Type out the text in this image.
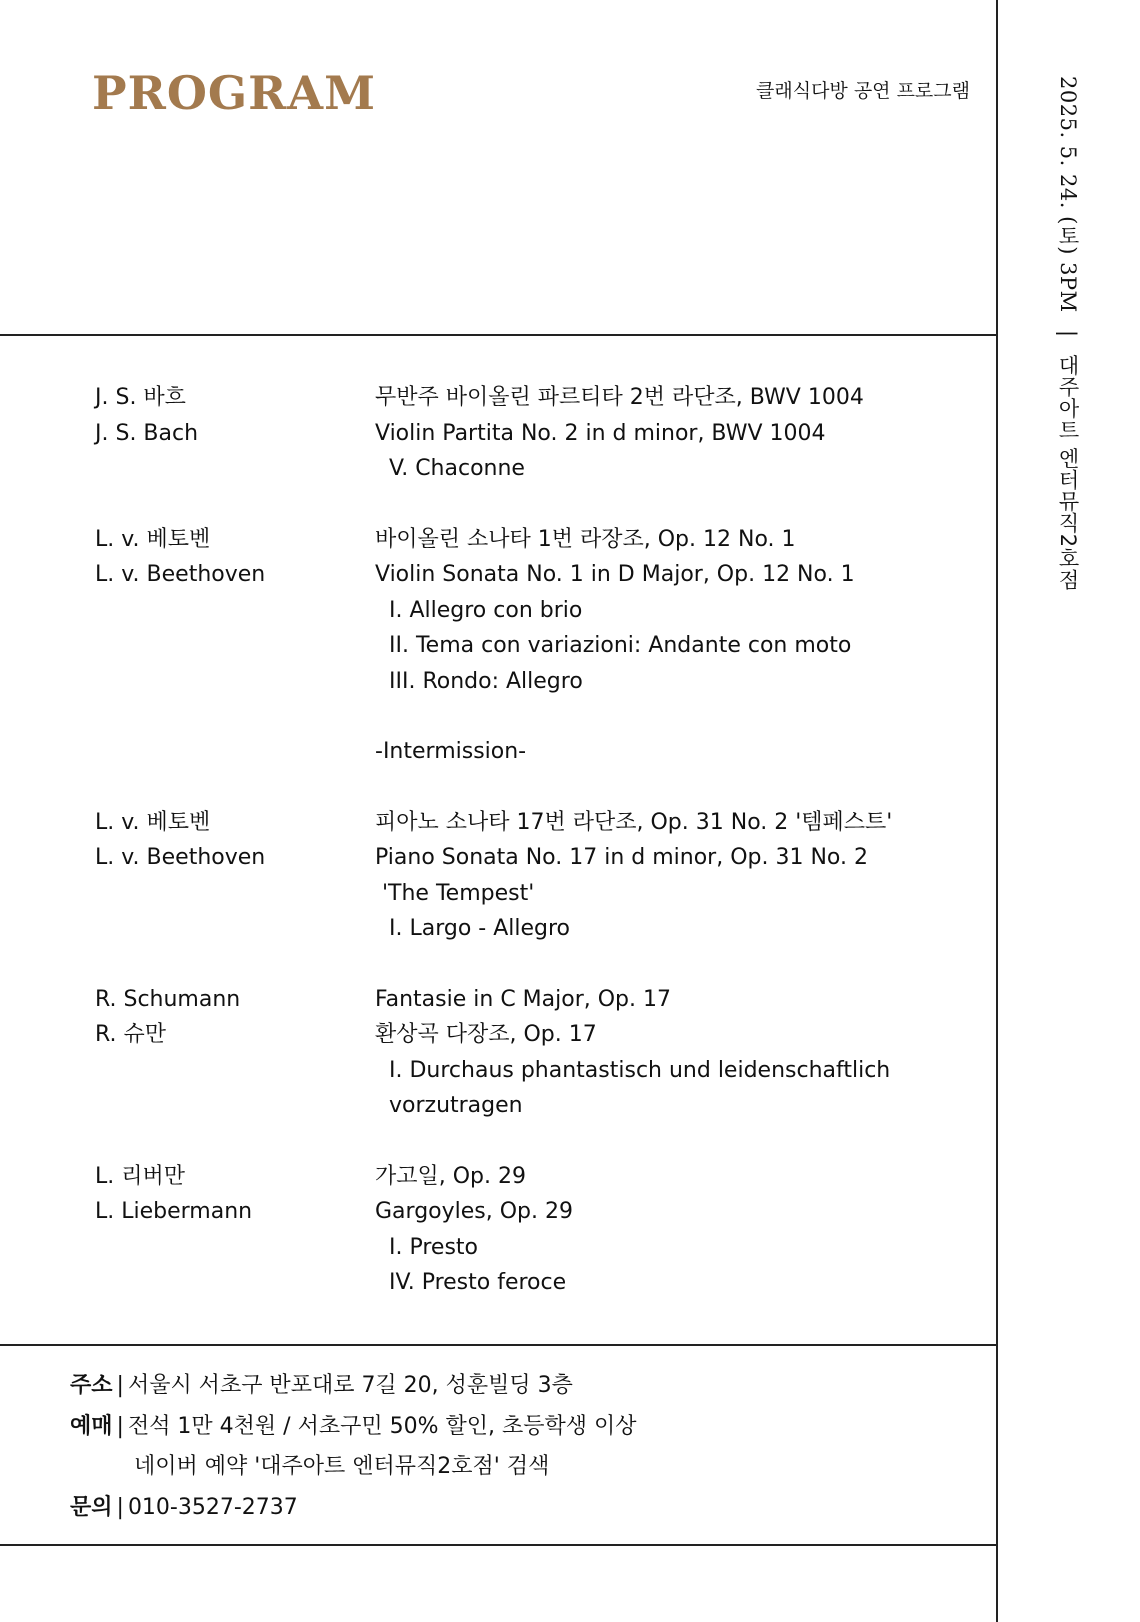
PROGRAM	클래식다방 공연 프로그램	2025. 5. 24. (토) 3PM | 대주아트 엔터뮤직2호점
J. S. 바흐
J. S. Bach
무반주 바이올린 파르티타 2번 라단조, BWV 1004
Violin Partita No. 2 in d minor, BWV 1004
V. Chaconne
L. v. 베토벤
L. v. Beethoven
바이올린 소나타 1번 라장조, Op. 12 No. 1
Violin Sonata No. 1 in D Major, Op. 12 No. 1
I. Allegro con brio
II. Tema con variazioni: Andante con moto
III. Rondo: Allegro
-Intermission-
L. v. 베토벤
L. v. Beethoven
피아노 소나타 17번 라단조, Op. 31 No. 2 '템페스트'
Piano Sonata No. 17 in d minor, Op. 31 No. 2
'The Tempest'
I. Largo - Allegro
R. Schumann
R. 슈만
Fantasie in C Major, Op. 17
환상곡 다장조, Op. 17
I. Durchaus phantastisch und leidenschaftlich
vorzutragen
L. 리버만
L. Liebermann
가고일, Op. 29
Gargoyles, Op. 29
I. Presto
IV. Presto feroce
주소 | 서울시 서초구 반포대로 7길 20, 성훈빌딩 3층
예매 | 전석 1만 4천원 / 서초구민 50% 할인, 초등학생 이상
네이버 예약 '대주아트 엔터뮤직2호점' 검색
문의 | 010-3527-2737
